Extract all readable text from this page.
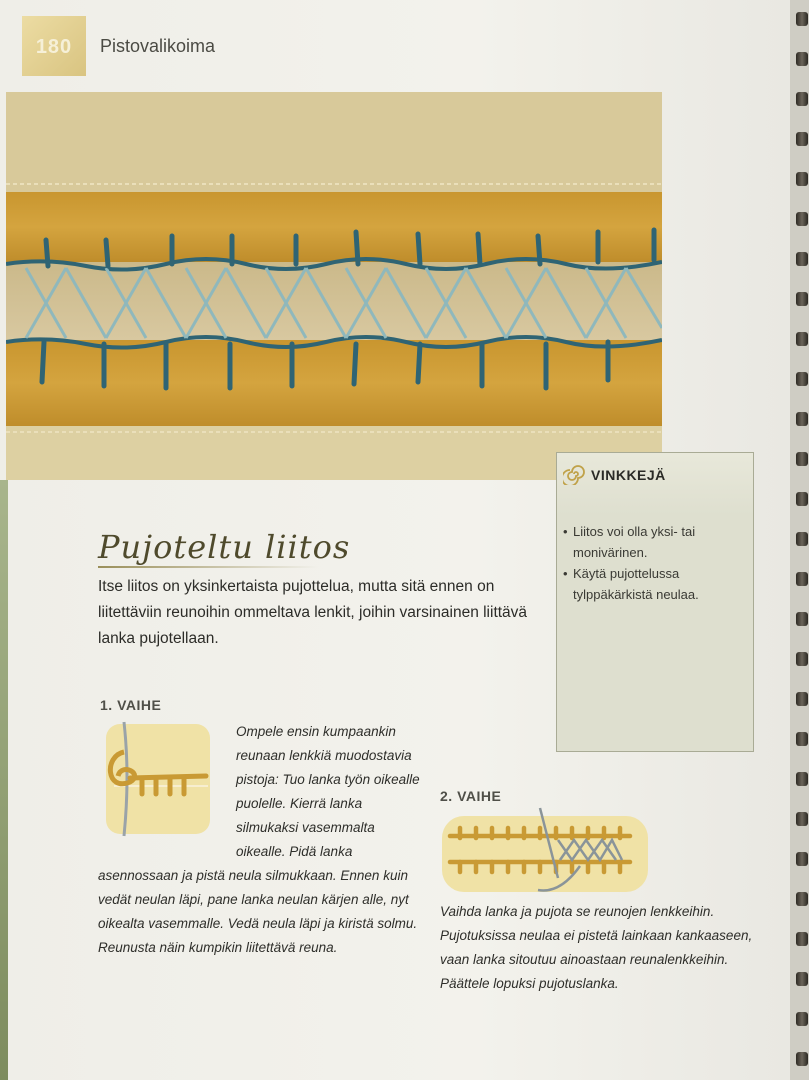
180	Pistovalikoima
VINKKEJÄ
• Liitos voi olla yksi- tai monivärinen.
• Käytä pujottelussa tylppäkärkistä neulaa.
Pujoteltu liitos
Itse liitos on yksinkertaista pujottelua, mutta sitä ennen on liitettäviin reunoihin ommeltava lenkit, joihin varsinainen liittävä lanka pujotellaan.
1. VAIHE
Ompele ensin kumpaankin reunaan lenkkiä muodostavia pistoja: Tuo lanka työn oikealle puolelle. Kierrä lanka silmukaksi vasemmalta oikealle. Pidä lanka asennossaan ja pistä neula silmukkaan. Ennen kuin vedät neulan läpi, pane lanka neulan kärjen alle, nyt oikealta vasemmalle. Vedä neula läpi ja kiristä solmu. Reunusta näin kumpikin liitettävä reuna.
2. VAIHE
Vaihda lanka ja pujota se reunojen lenkkeihin. Pujotuksissa neulaa ei pistetä lainkaan kankaaseen, vaan lanka sitoutuu ainoastaan reunalenkkeihin. Päättele lopuksi pujotuslanka.
